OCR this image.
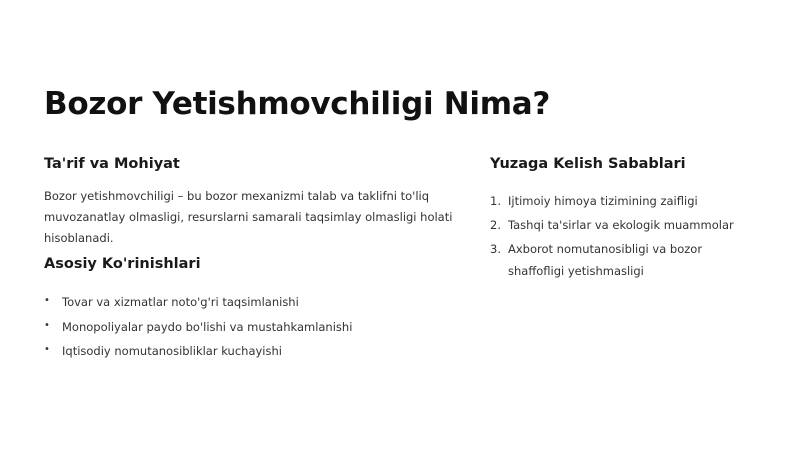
Bozor Yetishmovchiligi Nima?
Ta'rif va Mohiyat

Bozor yetishmovchiligi – bu bozor mexanizmi talab va taklifni to'liq muvozanatlay olmasligi, resurslarni samarali taqsimlay olmasligi holati hisoblanadi.

Asosiy Ko'rinishlari
• Tovar va xizmatlar noto'g'ri taqsimlanishi
• Monopoliyalar paydo bo'lishi va mustahkamlanishi
• Iqtisodiy nomutanosibliklar kuchayishi
Yuzaga Kelish Sabablari
1. Ijtimoiy himoya tizimining zaifligi
2. Tashqi ta'sirlar va ekologik muammolar
3. Axborot nomutanosibligi va bozor shaffofligi yetishmasligi
